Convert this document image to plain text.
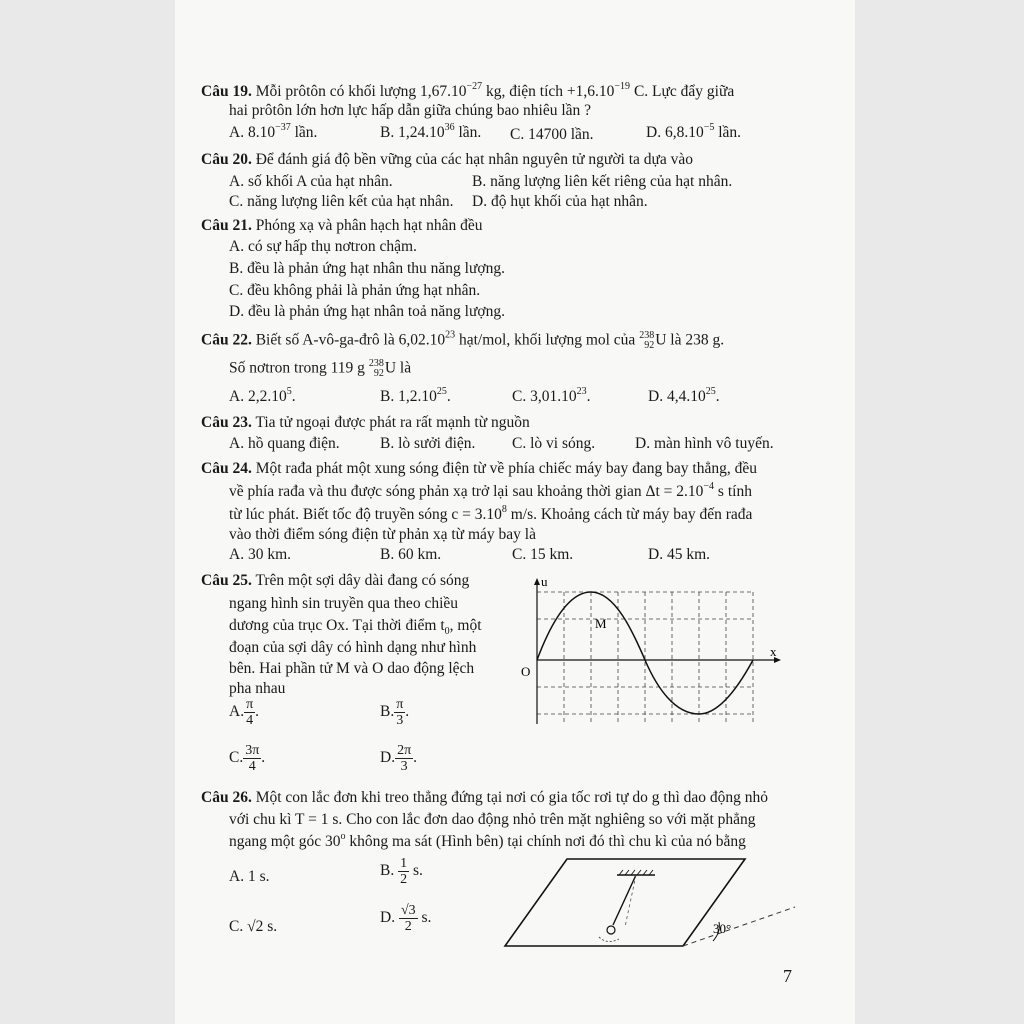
Câu 19. Mỗi prôtôn có khối lượng $1,67.10^{-27}$ kg, điện tích $+1,6.10^{-19}$ C. Lực đẩy giữa
hai prôtôn lớn hơn lực hấp dẫn giữa chúng bao nhiêu lần ?
A. $8.10^{-37}$ lần.	B. 1,24.10$^{36}$ lần. C. 14700 lần.	D. $6,8.10^{-5}$ lần.
Câu 20. Để đánh giá độ bền vững của các hạt nhân nguyên tử người ta dựa vào
A. số khối A của hạt nhân.	B. năng lượng liên kết riêng của hạt nhân.
C. năng lượng liên kết của hạt nhân. D. độ hụt khối của hạt nhân.
Câu 21. Phóng xạ và phân hạch hạt nhân đều
A. có sự hấp thụ nơtron chậm.
B. đều là phản ứng hạt nhân thu năng lượng.
C. đều không phải là phản ứng hạt nhân.
D. đều là phản ứng hạt nhân toả năng lượng.
Câu 22. Biết số A-vô-ga-đrô là 6,02.10$^{23}$ hạt/mol, khối lượng mol của 238
92 U là 238 g.
Số nơtron trong 119 g 238
92 U là
A. 2,2.10$^5$.	B. 1,2.10$^{25}$.	C. 3,01.10$^{23}$.	D. 4,4.10$^{25}$.
Câu 23. Tia tử ngoại được phát ra rất mạnh từ nguồn
A. hồ quang điện.	B. lò sưởi điện. C. lò vi sóng.	D. màn hình vô tuyến.
Câu 24. Một rađa phát một xung sóng điện từ về phía chiếc máy bay đang bay thẳng, đều
về phía rađa và thu được sóng phản xạ trở lại sau khoảng thời gian $\Delta t = 2.10^{-4}$ s tính
từ lúc phát. Biết tốc độ truyền sóng $c = 3.10^8$ m/s. Khoảng cách từ máy bay đến rađa
vào thời điểm sóng điện từ phản xạ từ máy bay là
A. 30 km.	B. 60 km.	C. 15 km.	D. 45 km.
Câu 25. Trên một sợi dây dài đang có sóng
ngang hình sin truyền qua theo chiều
dương của trục Ox. Tại thời điểm $t_0$, một
đoạn của sợi dây có hình dạng như hình
bên. Hai phần tử M và O dao động lệch
pha nhau
A. $\frac{\pi}{4}$ .	B. $\frac{\pi}{3}$ .
C. $\frac{3\pi}{4}$ .	D. $\frac{2\pi}{3}$ .
u
x
O
M
Câu 26. Một con lắc đơn khi treo thẳng đứng tại nơi có gia tốc rơi tự do g thì dao động nhỏ
với chu kì T = 1 s. Cho con lắc đơn dao động nhỏ trên mặt nghiêng so với mặt phẳng
ngang một góc 30$^o$ không ma sát (Hình bên) tại chính nơi đó thì chu kì của nó bằng
A. 1 s.	B. $\frac{1}{2} s$.
C. √2 s.
D. $\frac{√3}{2} s$.
30°
7
